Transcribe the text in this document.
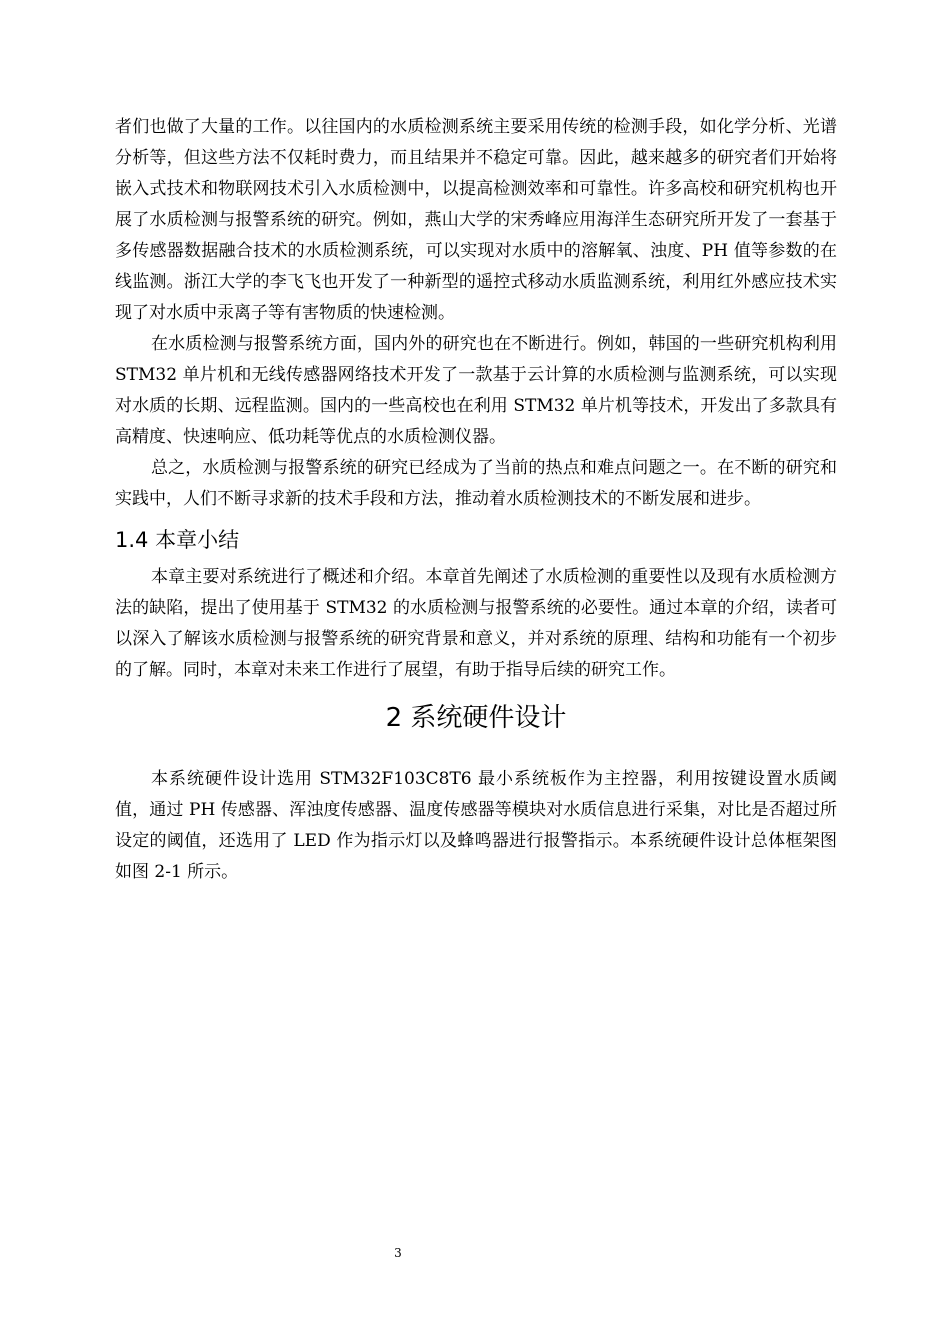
者们也做了大量的工作。以往国内的水质检测系统主要采用传统的检测手段，如化学分析、光谱分析等，但这些方法不仅耗时费力，而且结果并不稳定可靠。因此，越来越多的研究者们开始将嵌入式技术和物联网技术引入水质检测中，以提高检测效率和可靠性。许多高校和研究机构也开展了水质检测与报警系统的研究。例如，燕山大学的宋秀峰应用海洋生态研究所开发了一套基于多传感器数据融合技术的水质检测系统，可以实现对水质中的溶解氧、浊度、PH 值等参数的在线监测。浙江大学的李飞飞也开发了一种新型的遥控式移动水质监测系统，利用红外感应技术实现了对水质中汞离子等有害物质的快速检测。

在水质检测与报警系统方面，国内外的研究也在不断进行。例如，韩国的一些研究机构利用 STM32 单片机和无线传感器网络技术开发了一款基于云计算的水质检测与监测系统，可以实现对水质的长期、远程监测。国内的一些高校也在利用 STM32 单片机等技术，开发出了多款具有高精度、快速响应、低功耗等优点的水质检测仪器。

总之，水质检测与报警系统的研究已经成为了当前的热点和难点问题之一。在不断的研究和实践中，人们不断寻求新的技术手段和方法，推动着水质检测技术的不断发展和进步。

1.4 本章小结

本章主要对系统进行了概述和介绍。本章首先阐述了水质检测的重要性以及现有水质检测方法的缺陷，提出了使用基于 STM32 的水质检测与报警系统的必要性。通过本章的介绍，读者可以深入了解该水质检测与报警系统的研究背景和意义，并对系统的原理、结构和功能有一个初步的了解。同时，本章对未来工作进行了展望，有助于指导后续的研究工作。

2 系统硬件设计

本系统硬件设计选用 STM32F103C8T6 最小系统板作为主控器，利用按键设置水质阈值，通过 PH 传感器、浑浊度传感器、温度传感器等模块对水质信息进行采集，对比是否超过所设定的阈值，还选用了 LED 作为指示灯以及蜂鸣器进行报警指示。本系统硬件设计总体框架图如图 2-1 所示。

3
